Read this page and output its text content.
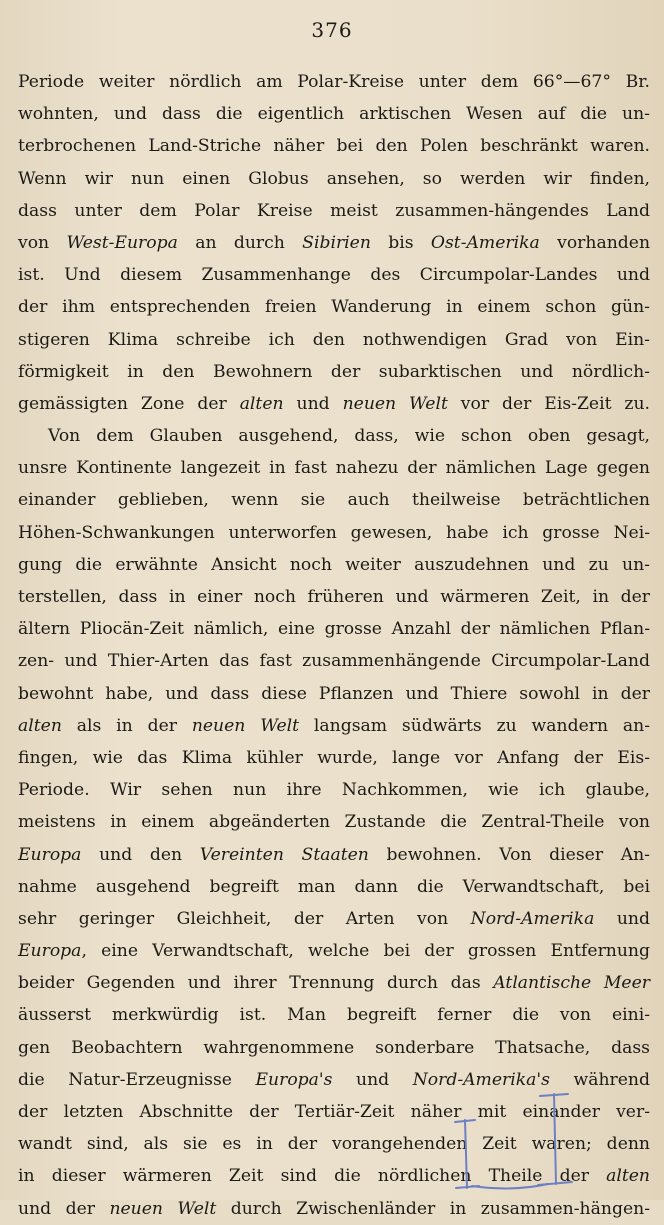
376
Periode weiter nördlich am Polar-Kreise unter dem 66°—67° Br.
wohnten, und dass die eigentlich arktischen Wesen auf die un-
terbrochenen Land-Striche näher bei den Polen beschränkt waren.
Wenn wir nun einen Globus ansehen, so werden wir finden,
dass unter dem Polar Kreise meist zusammen-hängendes Land
von West-Europa an durch Sibirien bis Ost-Amerika vorhanden
ist. Und diesem Zusammenhange des Circumpolar-Landes und
der ihm entsprechenden freien Wanderung in einem schon gün-
stigeren Klima schreibe ich den nothwendigen Grad von Ein-
förmigkeit in den Bewohnern der subarktischen und nördlich-
gemässigten Zone der alten und neuen Welt vor der Eis-Zeit zu.
Von dem Glauben ausgehend, dass, wie schon oben gesagt,
unsre Kontinente langezeit in fast nahezu der nämlichen Lage gegen
einander geblieben, wenn sie auch theilweise beträchtlichen
Höhen-Schwankungen unterworfen gewesen, habe ich grosse Nei-
gung die erwähnte Ansicht noch weiter auszudehnen und zu un-
terstellen, dass in einer noch früheren und wärmeren Zeit, in der
ältern Pliocän-Zeit nämlich, eine grosse Anzahl der nämlichen Pflan-
zen- und Thier-Arten das fast zusammenhängende Circumpolar-Land
bewohnt habe, und dass diese Pflanzen und Thiere sowohl in der
alten als in der neuen Welt langsam südwärts zu wandern an-
fingen, wie das Klima kühler wurde, lange vor Anfang der Eis-
Periode. Wir sehen nun ihre Nachkommen, wie ich glaube,
meistens in einem abgeänderten Zustande die Zentral-Theile von
Europa und den Vereinten Staaten bewohnen. Von dieser An-
nahme ausgehend begreift man dann die Verwandtschaft, bei
sehr geringer Gleichheit, der Arten von Nord-Amerika und
Europa, eine Verwandtschaft, welche bei der grossen Entfernung
beider Gegenden und ihrer Trennung durch das Atlantische Meer
äusserst merkwürdig ist. Man begreift ferner die von eini-
gen Beobachtern wahrgenommene sonderbare Thatsache, dass
die Natur-Erzeugnisse Europa's und Nord-Amerika's während
der letzten Abschnitte der Tertiär-Zeit näher mit einander ver-
wandt sind, als sie es in der vorangehenden Zeit waren; denn
in dieser wärmeren Zeit sind die nördlichen Theile der alten
und der neuen Welt durch Zwischenländer in zusammen-hängen-
